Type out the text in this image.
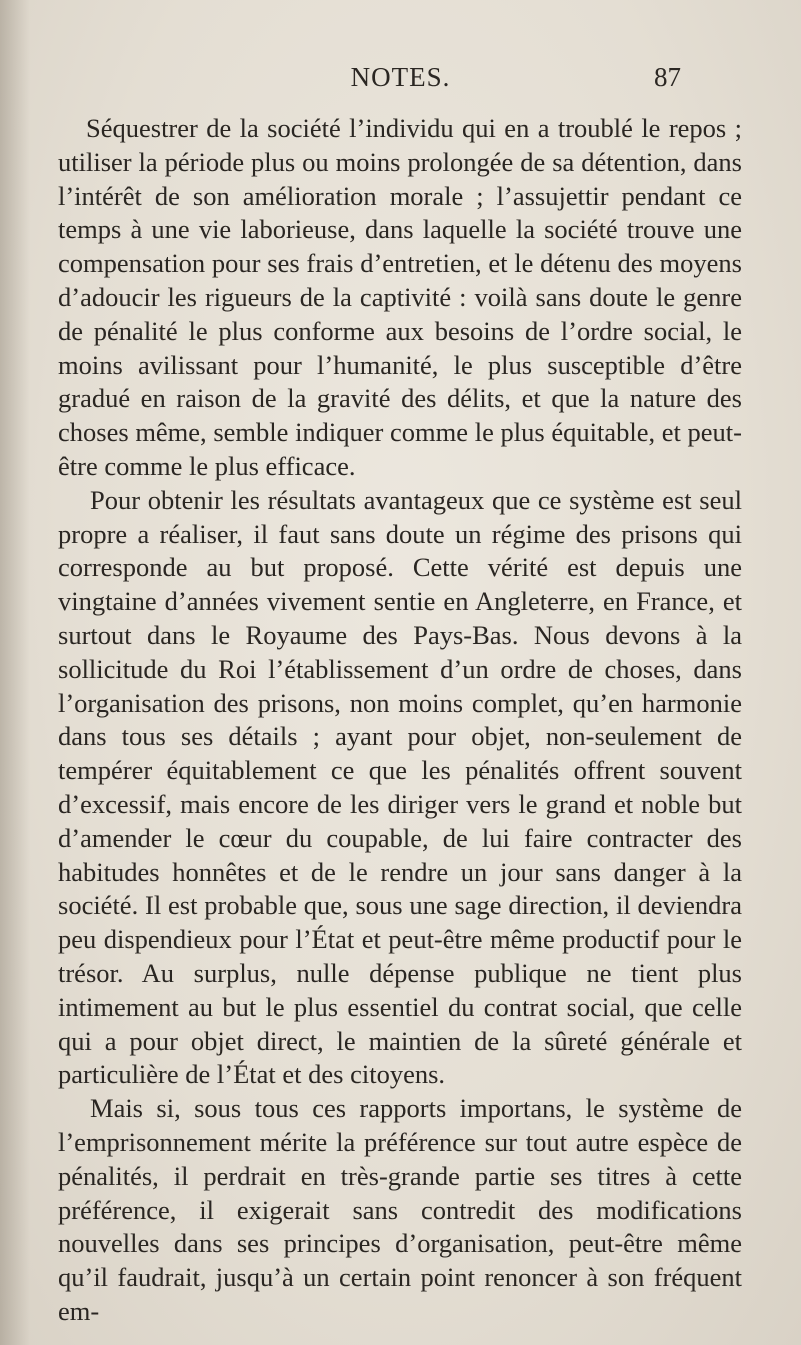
NOTES.	87

Séquestrer de la société l’individu qui en a troublé le repos ; utiliser la période plus ou moins prolongée de sa détention, dans l’intérêt de son amélioration morale ; l’assujettir pendant ce temps à une vie laborieuse, dans laquelle la société trouve une compensation pour ses frais d’entretien, et le détenu des moyens d’adoucir les rigueurs de la captivité : voilà sans doute le genre de pénalité le plus conforme aux besoins de l’ordre social, le moins avilissant pour l’humanité, le plus susceptible d’être gradué en raison de la gravité des délits, et que la nature des choses même, semble indiquer comme le plus équitable, et peut-être comme le plus efficace.

Pour obtenir les résultats avantageux que ce système est seul propre a réaliser, il faut sans doute un régime des prisons qui corresponde au but proposé. Cette vérité est depuis une vingtaine d’années vivement sentie en Angleterre, en France, et surtout dans le Royaume des Pays-Bas. Nous devons à la sollicitude du Roi l’établissement d’un ordre de choses, dans l’organisation des prisons, non moins complet, qu’en harmonie dans tous ses détails ; ayant pour objet, non-seulement de tempérer équitablement ce que les pénalités offrent souvent d’excessif, mais encore de les diriger vers le grand et noble but d’amender le cœur du coupable, de lui faire contracter des habitudes honnêtes et de le rendre un jour sans danger à la société. Il est probable que, sous une sage direction, il deviendra peu dispendieux pour l’État et peut-être même productif pour le trésor. Au surplus, nulle dépense publique ne tient plus intimement au but le plus essentiel du contrat social, que celle qui a pour objet direct, le maintien de la sûreté générale et particulière de l’État et des citoyens.

Mais si, sous tous ces rapports importans, le système de l’emprisonnement mérite la préférence sur tout autre espèce de pénalités, il perdrait en très-grande partie ses titres à cette préférence, il exigerait sans contredit des modifications nouvelles dans ses principes d’organisation, peut-être même qu’il faudrait, jusqu’à un certain point renoncer à son fréquent em-
